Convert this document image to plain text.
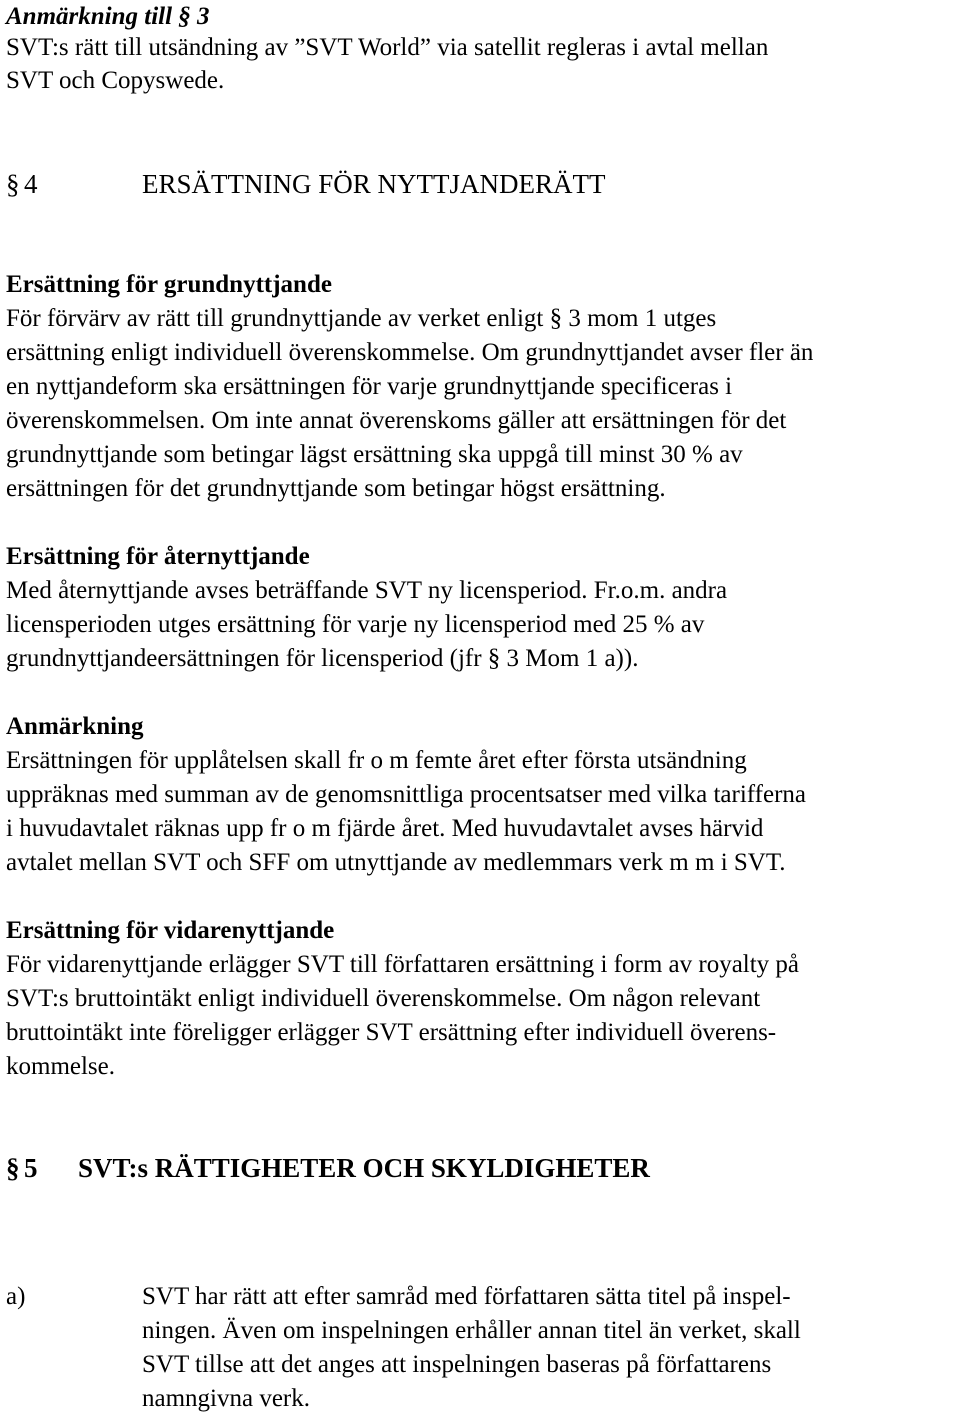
Anmärkning till § 3
SVT:s rätt till utsändning av ”SVT World” via satellit regleras i avtal mellan
SVT och Copyswede.
§ 4	ERSÄTTNING FÖR NYTTJANDERÄTT
Ersättning för grundnyttjande
För förvärv av rätt till grundnyttjande av verket enligt § 3 mom 1 utges
ersättning enligt individuell överenskommelse. Om grundnyttjandet avser fler än
en nyttjandeform ska ersättningen för varje grundnyttjande specificeras i
överenskommelsen. Om inte annat överenskoms gäller att ersättningen för det
grundnyttjande som betingar lägst ersättning ska uppgå till minst 30 % av
ersättningen för det grundnyttjande som betingar högst ersättning.
Ersättning för åternyttjande
Med åternyttjande avses beträffande SVT ny licensperiod. Fr.o.m. andra
licensperioden utges ersättning för varje ny licensperiod med 25 % av
grundnyttjandeersättningen för licensperiod (jfr § 3 Mom 1 a)).
Anmärkning
Ersättningen för upplåtelsen skall fr o m femte året efter första utsändning
uppräknas med summan av de genomsnittliga procentsatser med vilka tarifferna
i huvudavtalet räknas upp fr o m fjärde året. Med huvudavtalet avses härvid
avtalet mellan SVT och SFF om utnyttjande av medlemmars verk m m i SVT.
Ersättning för vidarenyttjande
För vidarenyttjande erlägger SVT till författaren ersättning i form av royalty på
SVT:s bruttointäkt enligt individuell överenskommelse. Om någon relevant
bruttointäkt inte föreligger erlägger SVT ersättning efter individuell överens-
kommelse.
§ 5 SVT:s RÄTTIGHETER OCH SKYLDIGHETER
a)	SVT har rätt att efter samråd med författaren sätta titel på inspel-
ningen. Även om inspelningen erhåller annan titel än verket, skall
SVT tillse att det anges att inspelningen baseras på författarens
namngivna verk.
